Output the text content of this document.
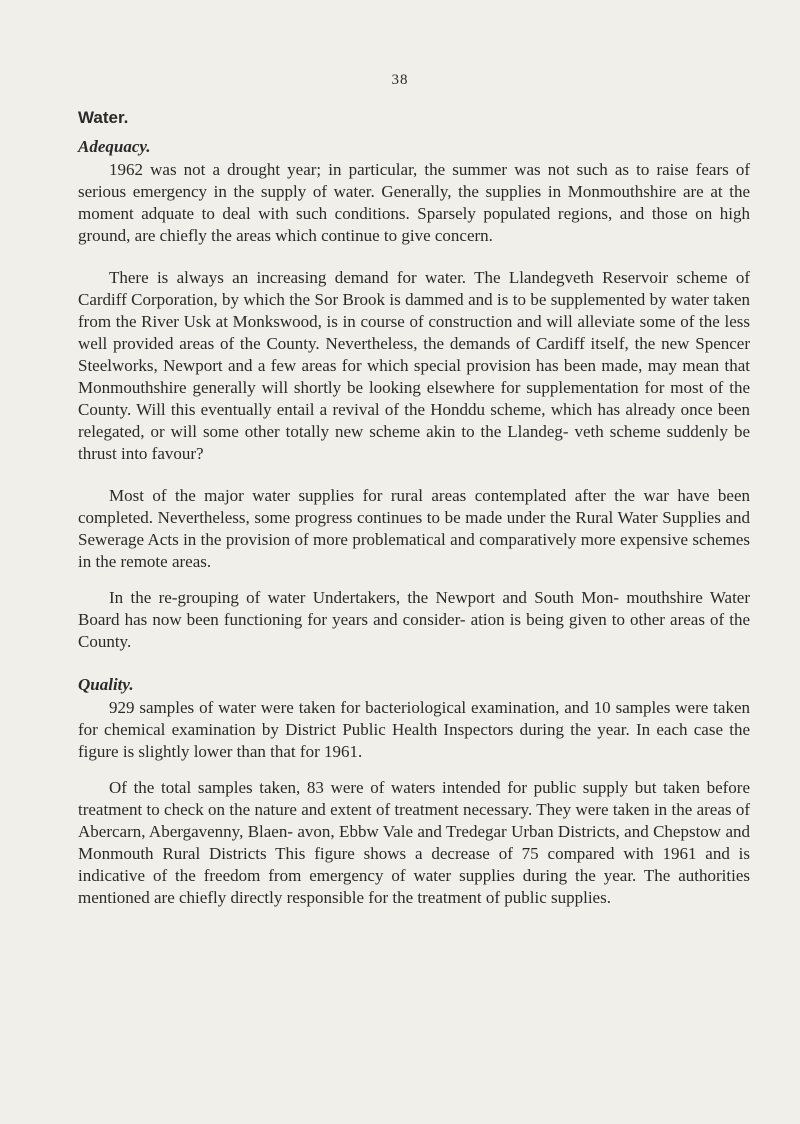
38
Water.
Adequacy.

1962 was not a drought year; in particular, the summer was not such as to raise fears of serious emergency in the supply of water. Generally, the supplies in Monmouthshire are at the moment adquate to deal with such conditions. Sparsely populated regions, and those on high ground, are chiefly the areas which continue to give concern.

There is always an increasing demand for water. The Llandegveth Reservoir scheme of Cardiff Corporation, by which the Sor Brook is dammed and is to be supplemented by water taken from the River Usk at Monkswood, is in course of construction and will alleviate some of the less well provided areas of the County. Nevertheless, the demands of Cardiff itself, the new Spencer Steelworks, Newport and a few areas for which special provision has been made, may mean that Monmouthshire generally will shortly be looking elsewhere for supplementation for most of the County. Will this eventually entail a revival of the Honddu scheme, which has already once been relegated, or will some other totally new scheme akin to the Llandeg- veth scheme suddenly be thrust into favour?

Most of the major water supplies for rural areas contemplated after the war have been completed. Nevertheless, some progress continues to be made under the Rural Water Supplies and Sewerage Acts in the provision of more problematical and comparatively more expensive schemes in the remote areas.

In the re-grouping of water Undertakers, the Newport and South Mon- mouthshire Water Board has now been functioning for years and consider- ation is being given to other areas of the County.

Quality.

929 samples of water were taken for bacteriological examination, and 10 samples were taken for chemical examination by District Public Health Inspectors during the year. In each case the figure is slightly lower than that for 1961.

Of the total samples taken, 83 were of waters intended for public supply but taken before treatment to check on the nature and extent of treatment necessary. They were taken in the areas of Abercarn, Abergavenny, Blaen- avon, Ebbw Vale and Tredegar Urban Districts, and Chepstow and Monmouth Rural Districts This figure shows a decrease of 75 compared with 1961 and is indicative of the freedom from emergency of water supplies during the year. The authorities mentioned are chiefly directly responsible for the treatment of public supplies.
